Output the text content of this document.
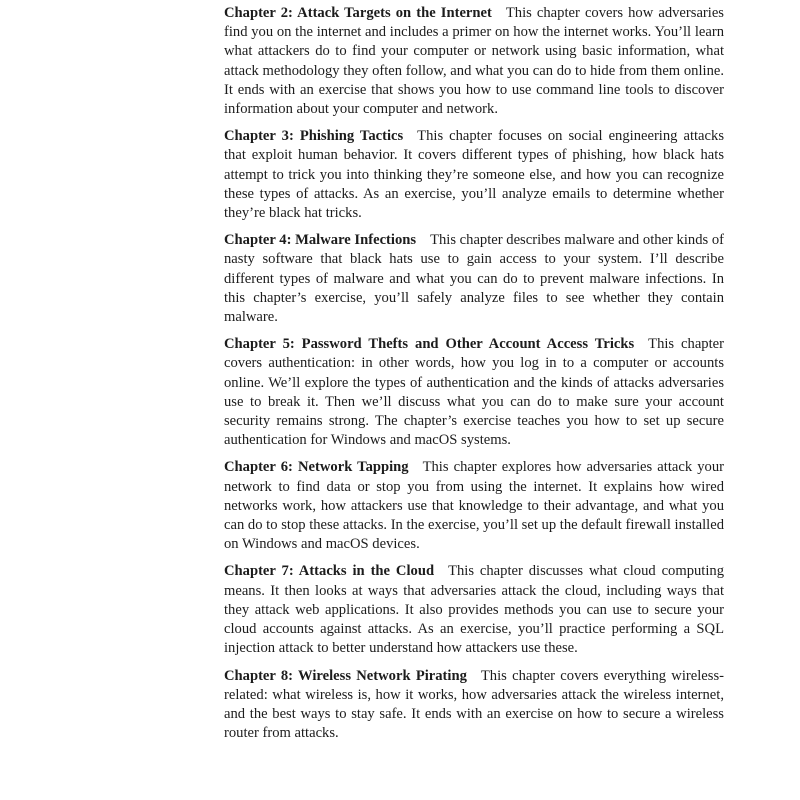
Chapter 2: Attack Targets on the Internet This chapter covers how adversaries find you on the internet and includes a primer on how the internet works. You’ll learn what attackers do to find your computer or network using basic information, what attack methodology they often follow, and what you can do to hide from them online. It ends with an exercise that shows you how to use command line tools to discover information about your computer and network.

Chapter 3: Phishing Tactics This chapter focuses on social engineering attacks that exploit human behavior. It covers different types of phishing, how black hats attempt to trick you into thinking they’re someone else, and how you can recognize these types of attacks. As an exercise, you’ll analyze emails to determine whether they’re black hat tricks.

Chapter 4: Malware Infections This chapter describes malware and other kinds of nasty software that black hats use to gain access to your system. I’ll describe different types of malware and what you can do to prevent malware infections. In this chapter’s exercise, you’ll safely analyze files to see whether they contain malware.

Chapter 5: Password Thefts and Other Account Access Tricks This chapter covers authentication: in other words, how you log in to a computer or accounts online. We’ll explore the types of authentication and the kinds of attacks adversaries use to break it. Then we’ll discuss what you can do to make sure your account security remains strong. The chapter’s exercise teaches you how to set up secure authentication for Windows and macOS systems.

Chapter 6: Network Tapping This chapter explores how adversaries attack your network to find data or stop you from using the internet. It explains how wired networks work, how attackers use that knowledge to their advantage, and what you can do to stop these attacks. In the exercise, you’ll set up the default firewall installed on Windows and macOS devices.

Chapter 7: Attacks in the Cloud This chapter discusses what cloud computing means. It then looks at ways that adversaries attack the cloud, including ways that they attack web applications. It also provides methods you can use to secure your cloud accounts against attacks. As an exercise, you’ll practice performing a SQL injection attack to better understand how attackers use these.

Chapter 8: Wireless Network Pirating This chapter covers everything wireless-related: what wireless is, how it works, how adversaries attack the wireless internet, and the best ways to stay safe. It ends with an exercise on how to secure a wireless router from attacks.
